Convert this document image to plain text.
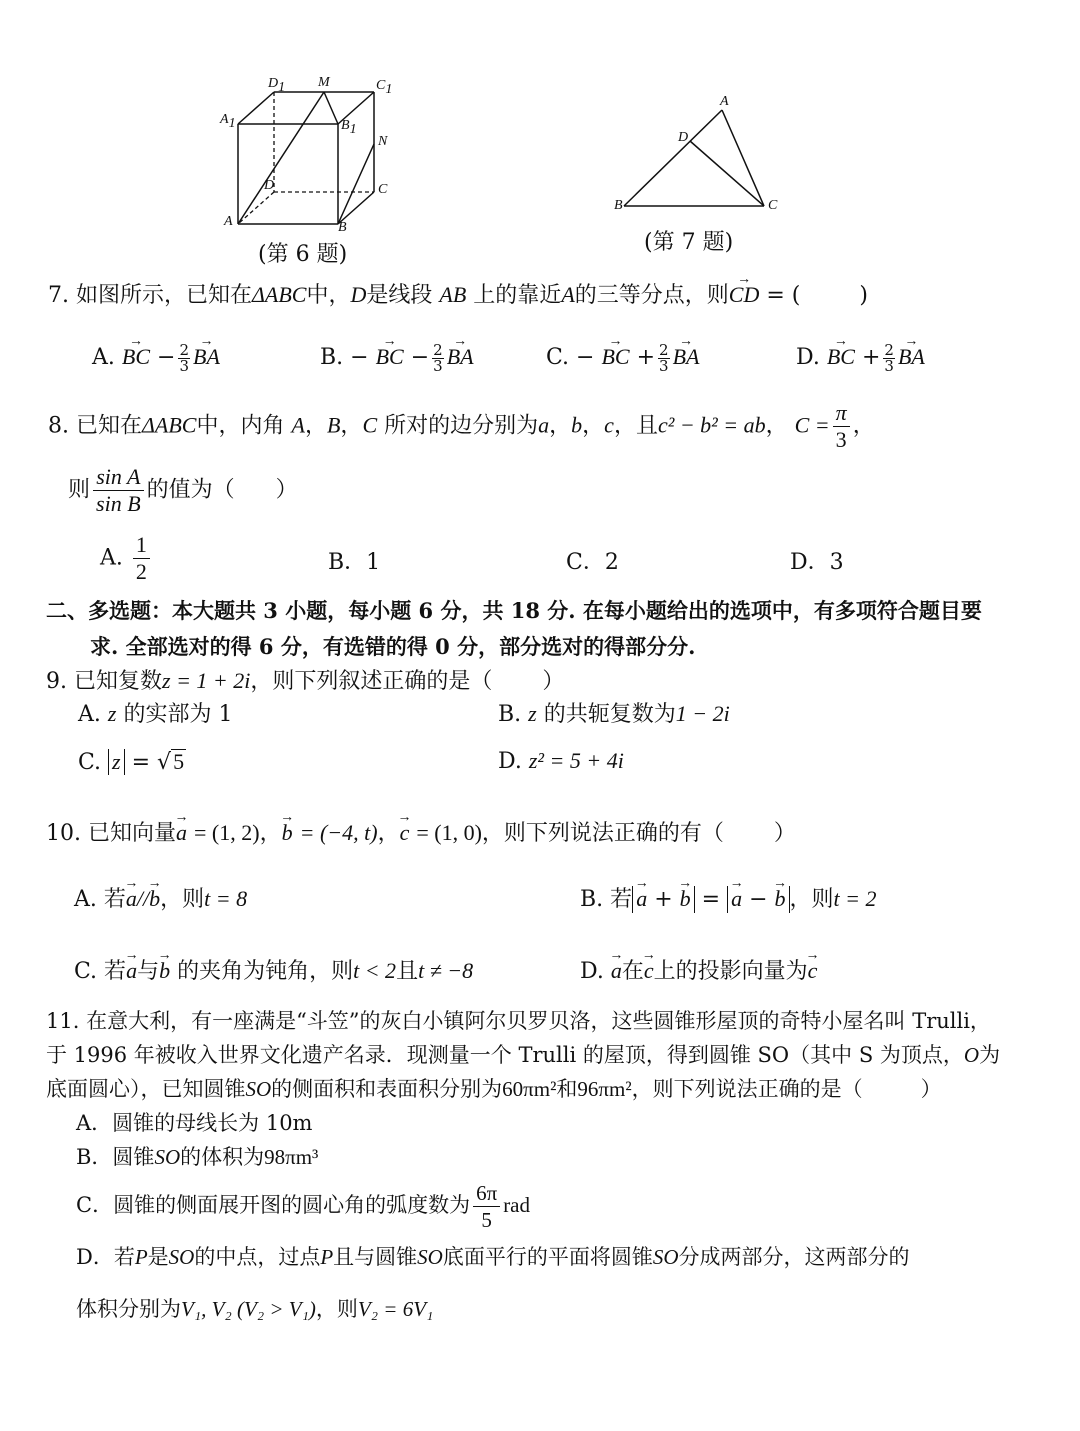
$D_1$ M	$C_1$
$A_1$	$B_1$
N
D	C
A	B
(第 6 题)
A
D
B	C
(第 7 题)
7. 如图所示，已知在ΔABC中，D是线段 AB 上的靠近A的三等分点，则→ CD = (	)
A. → BC − $\frac{2}{3}$ → BA	B. − → BC − $\frac{2}{3}$ → BA	C. − → BC + $\frac{2}{3}$ → BA	D. → BC + $\frac{2}{3}$ → BA
8. 已知在ΔABC中，内角 A，B，C 所对的边分别为a，b，c，且c² − b² = ab， $C = \frac{\pi}{3}$ ，
则 $\frac{\text{sin A}}{\text{sin B}}$ 的值为（ ）
A. $\frac{1}{2}$	B．1	C．2	D．3
二、多选题：本大题共 3 小题，每小题 6 分，共 18 分. 在每小题给出的选项中，有多项符合题目要
求. 全部选对的得 6 分，有选错的得 0 分，部分选对的得部分分.
9. 已知复数z = 1 + 2i，则下列叙述正确的是（ ）
A. z 的实部为 1	B. z 的共轭复数为1 − 2i
C. z = √5	D. z² = 5 + 4i
10. 已知向量→ a = (1, 2)，→ b = (−4, t)，→ c = (1, 0)，则下列说法正确的有（ ）
A. 若→ a//→ b，则t = 8	B. 若 → a + → b = → a − → b ，则t = 2
C. 若→ a与→ b 的夹角为钝角，则t < 2且t ≠ −8	D. → a在→ c上的投影向量为→ c
11. 在意大利，有一座满是“斗笠”的灰白小镇阿尔贝罗贝洛，这些圆锥形屋顶的奇特小屋名叫 Trulli，
于 1996 年被收入世界文化遗产名录．现测量一个 Trulli 的屋顶，得到圆锥 SO（其中 S 为顶点，O为
底面圆心），已知圆锥SO的侧面积和表面积分别为60πm²和96πm²，则下列说法正确的是（	）
A．圆锥的母线长为 10m
B．圆锥SO的体积为98πm³
C．圆锥的侧面展开图的圆心角的弧度数为 $\frac{6\pi}{5}$ rad
D．若P是SO的中点，过点P且与圆锥SO底面平行的平面将圆锥SO分成两部分，这两部分的
体积分别为V₁, V₂ (V₂ > V₁)，则V₂ = 6V₁
